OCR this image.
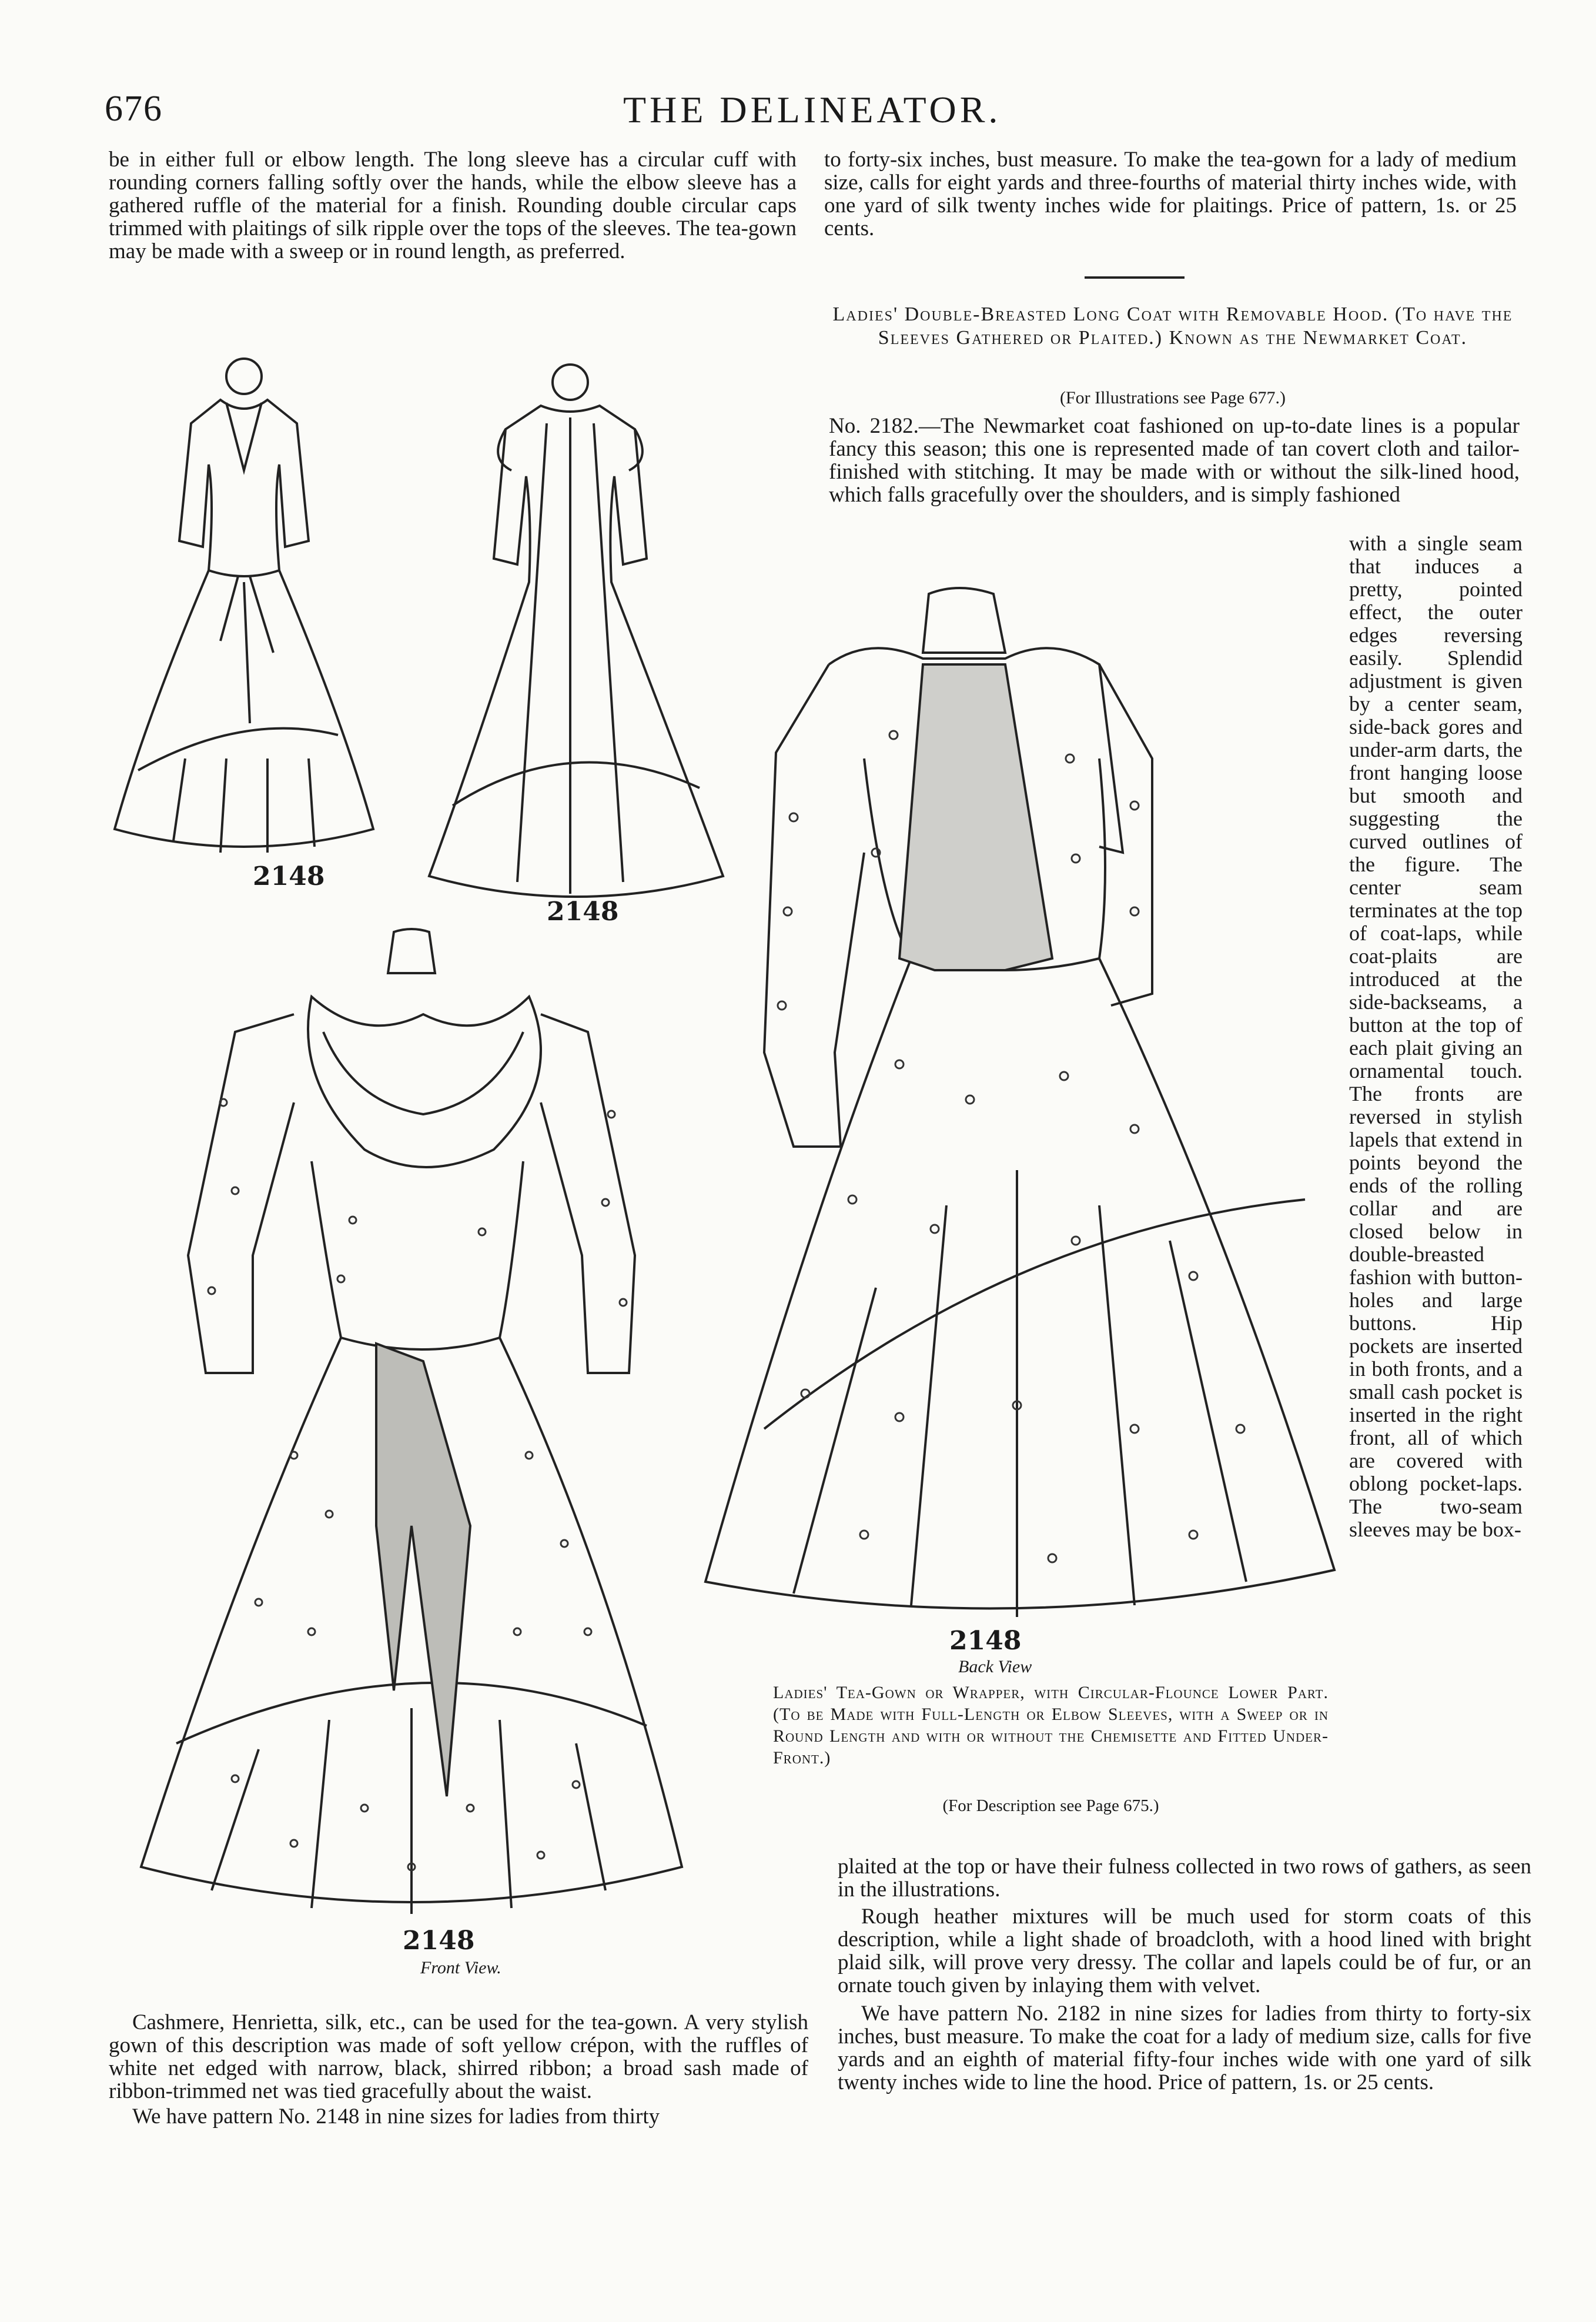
676	THE DELINEATOR.

be in either full or elbow length. The long sleeve has a circular cuff with rounding corners falling softly over the hands, while the elbow sleeve has a gathered ruffle of the material for a finish. Rounding double circular caps trimmed with plaitings of silk ripple over the tops of the sleeves. The tea-gown may be made with a sweep or in round length, as preferred.

to forty-six inches, bust measure. To make the tea-gown for a lady of medium size, calls for eight yards and three-fourths of material thirty inches wide, with one yard of silk twenty inches wide for plaitings. Price of pattern, 1s. or 25 cents.

Ladies' Double-Breasted Long Coat with Removable Hood. (To have the Sleeves Gathered or Plaited.) Known as the Newmarket Coat.

(For Illustrations see Page 677.)

No. 2182.—The Newmarket coat fashioned on up-to-date lines is a popular fancy this season; this one is represented made of tan covert cloth and tailor-finished with stitching. It may be made with or without the silk-lined hood, which falls gracefully over the shoulders, and is simply fashioned

with a single seam that induces a pretty, pointed effect, the outer edges reversing easily. Splendid adjustment is given by a center seam, side-back gores and under-arm darts, the front hanging loose but smooth and suggesting the curved outlines of the figure. The center seam terminates at the top of coat-laps, while coat-plaits are introduced at the side-backseams, a button at the top of each plait giving an ornamental touch. The fronts are reversed in stylish lapels that extend in points beyond the ends of the rolling collar and are closed below in double-breasted fashion with button-holes and large buttons. Hip pockets are inserted in both fronts, and a small cash pocket is inserted in the right front, all of which are covered with oblong pocket-laps. The two-seam sleeves may be box-

2148
2148
2148
Front View.
2148
Back View
Ladies' Tea-Gown or Wrapper, with Circular-Flounce Lower Part. (To be Made with Full-Length or Elbow Sleeves, with a Sweep or in Round Length and with or without the Chemisette and Fitted Under-Front.)
(For Description see Page 675.)

plaited at the top or have their fulness collected in two rows of gathers, as seen in the illustrations.

Rough heather mixtures will be much used for storm coats of this description, while a light shade of broadcloth, with a hood lined with bright plaid silk, will prove very dressy. The collar and lapels could be of fur, or an ornate touch given by inlaying them with velvet.

We have pattern No. 2182 in nine sizes for ladies from thirty to forty-six inches, bust measure. To make the coat for a lady of medium size, calls for five yards and an eighth of material fifty-four inches wide with one yard of silk twenty inches wide to line the hood. Price of pattern, 1s. or 25 cents.

Cashmere, Henrietta, silk, etc., can be used for the tea-gown. A very stylish gown of this description was made of soft yellow crépon, with the ruffles of white net edged with narrow, black, shirred ribbon; a broad sash made of ribbon-trimmed net was tied gracefully about the waist.

We have pattern No. 2148 in nine sizes for ladies from thirty
